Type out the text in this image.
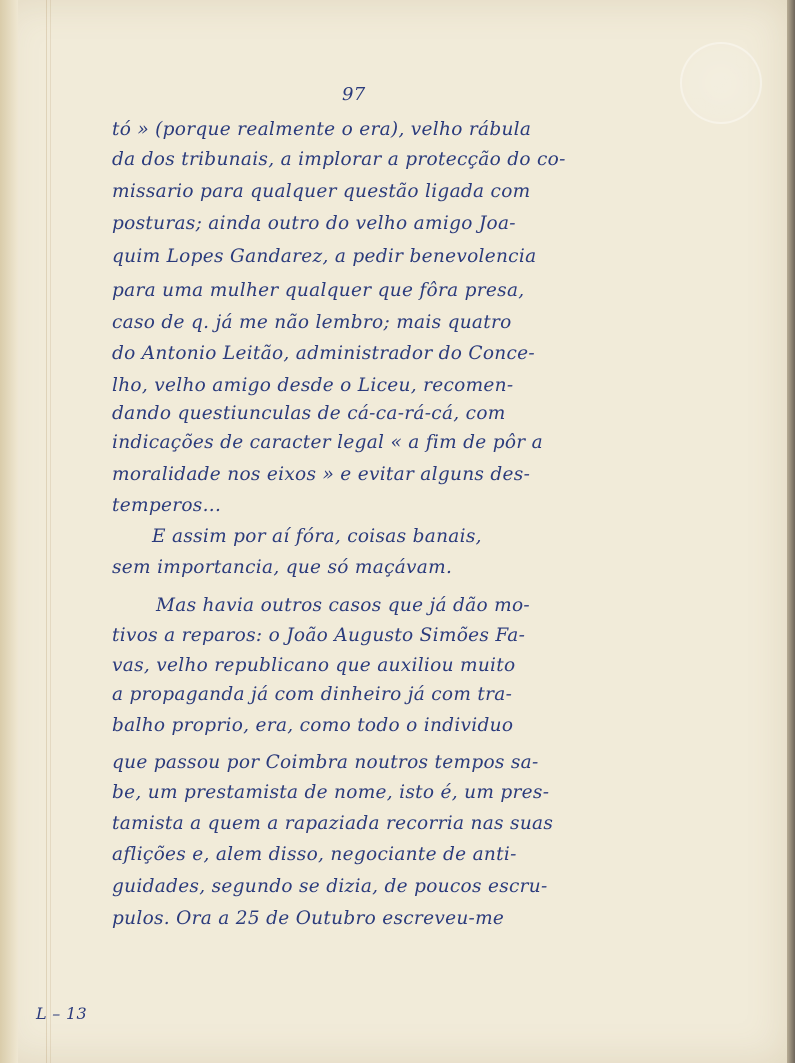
97
tó » (porque realmente o era), velho rábula
da dos tribunais, a implorar a protecção do co-
missario para qualquer questão ligada com
posturas; ainda outro do velho amigo Joa-
quim Lopes Gandarez, a pedir benevolencia
para uma mulher qualquer que fôra presa,
caso de q. já me não lembro; mais quatro
do Antonio Leitão, administrador do Conce-
lho, velho amigo desde o Liceu, recomen-
dando questiunculas de cá-ca-rá-cá, com
indicações de caracter legal « a fim de pôr a
moralidade nos eixos » e evitar alguns des-
temperos...
E assim por aí fóra, coisas banais,
sem importancia, que só maçávam.
Mas havia outros casos que já dão mo-
tivos a reparos: o João Augusto Simões Fa-
vas, velho republicano que auxiliou muito
a propaganda já com dinheiro já com tra-
balho proprio, era, como todo o individuo
que passou por Coimbra noutros tempos sa-
be, um prestamista de nome, isto é, um pres-
tamista a quem a rapaziada recorria nas suas
aflições e, alem disso, negociante de anti-
guidades, segundo se dizia, de poucos escru-
pulos. Ora a 25 de Outubro escreveu-me
L – 13
